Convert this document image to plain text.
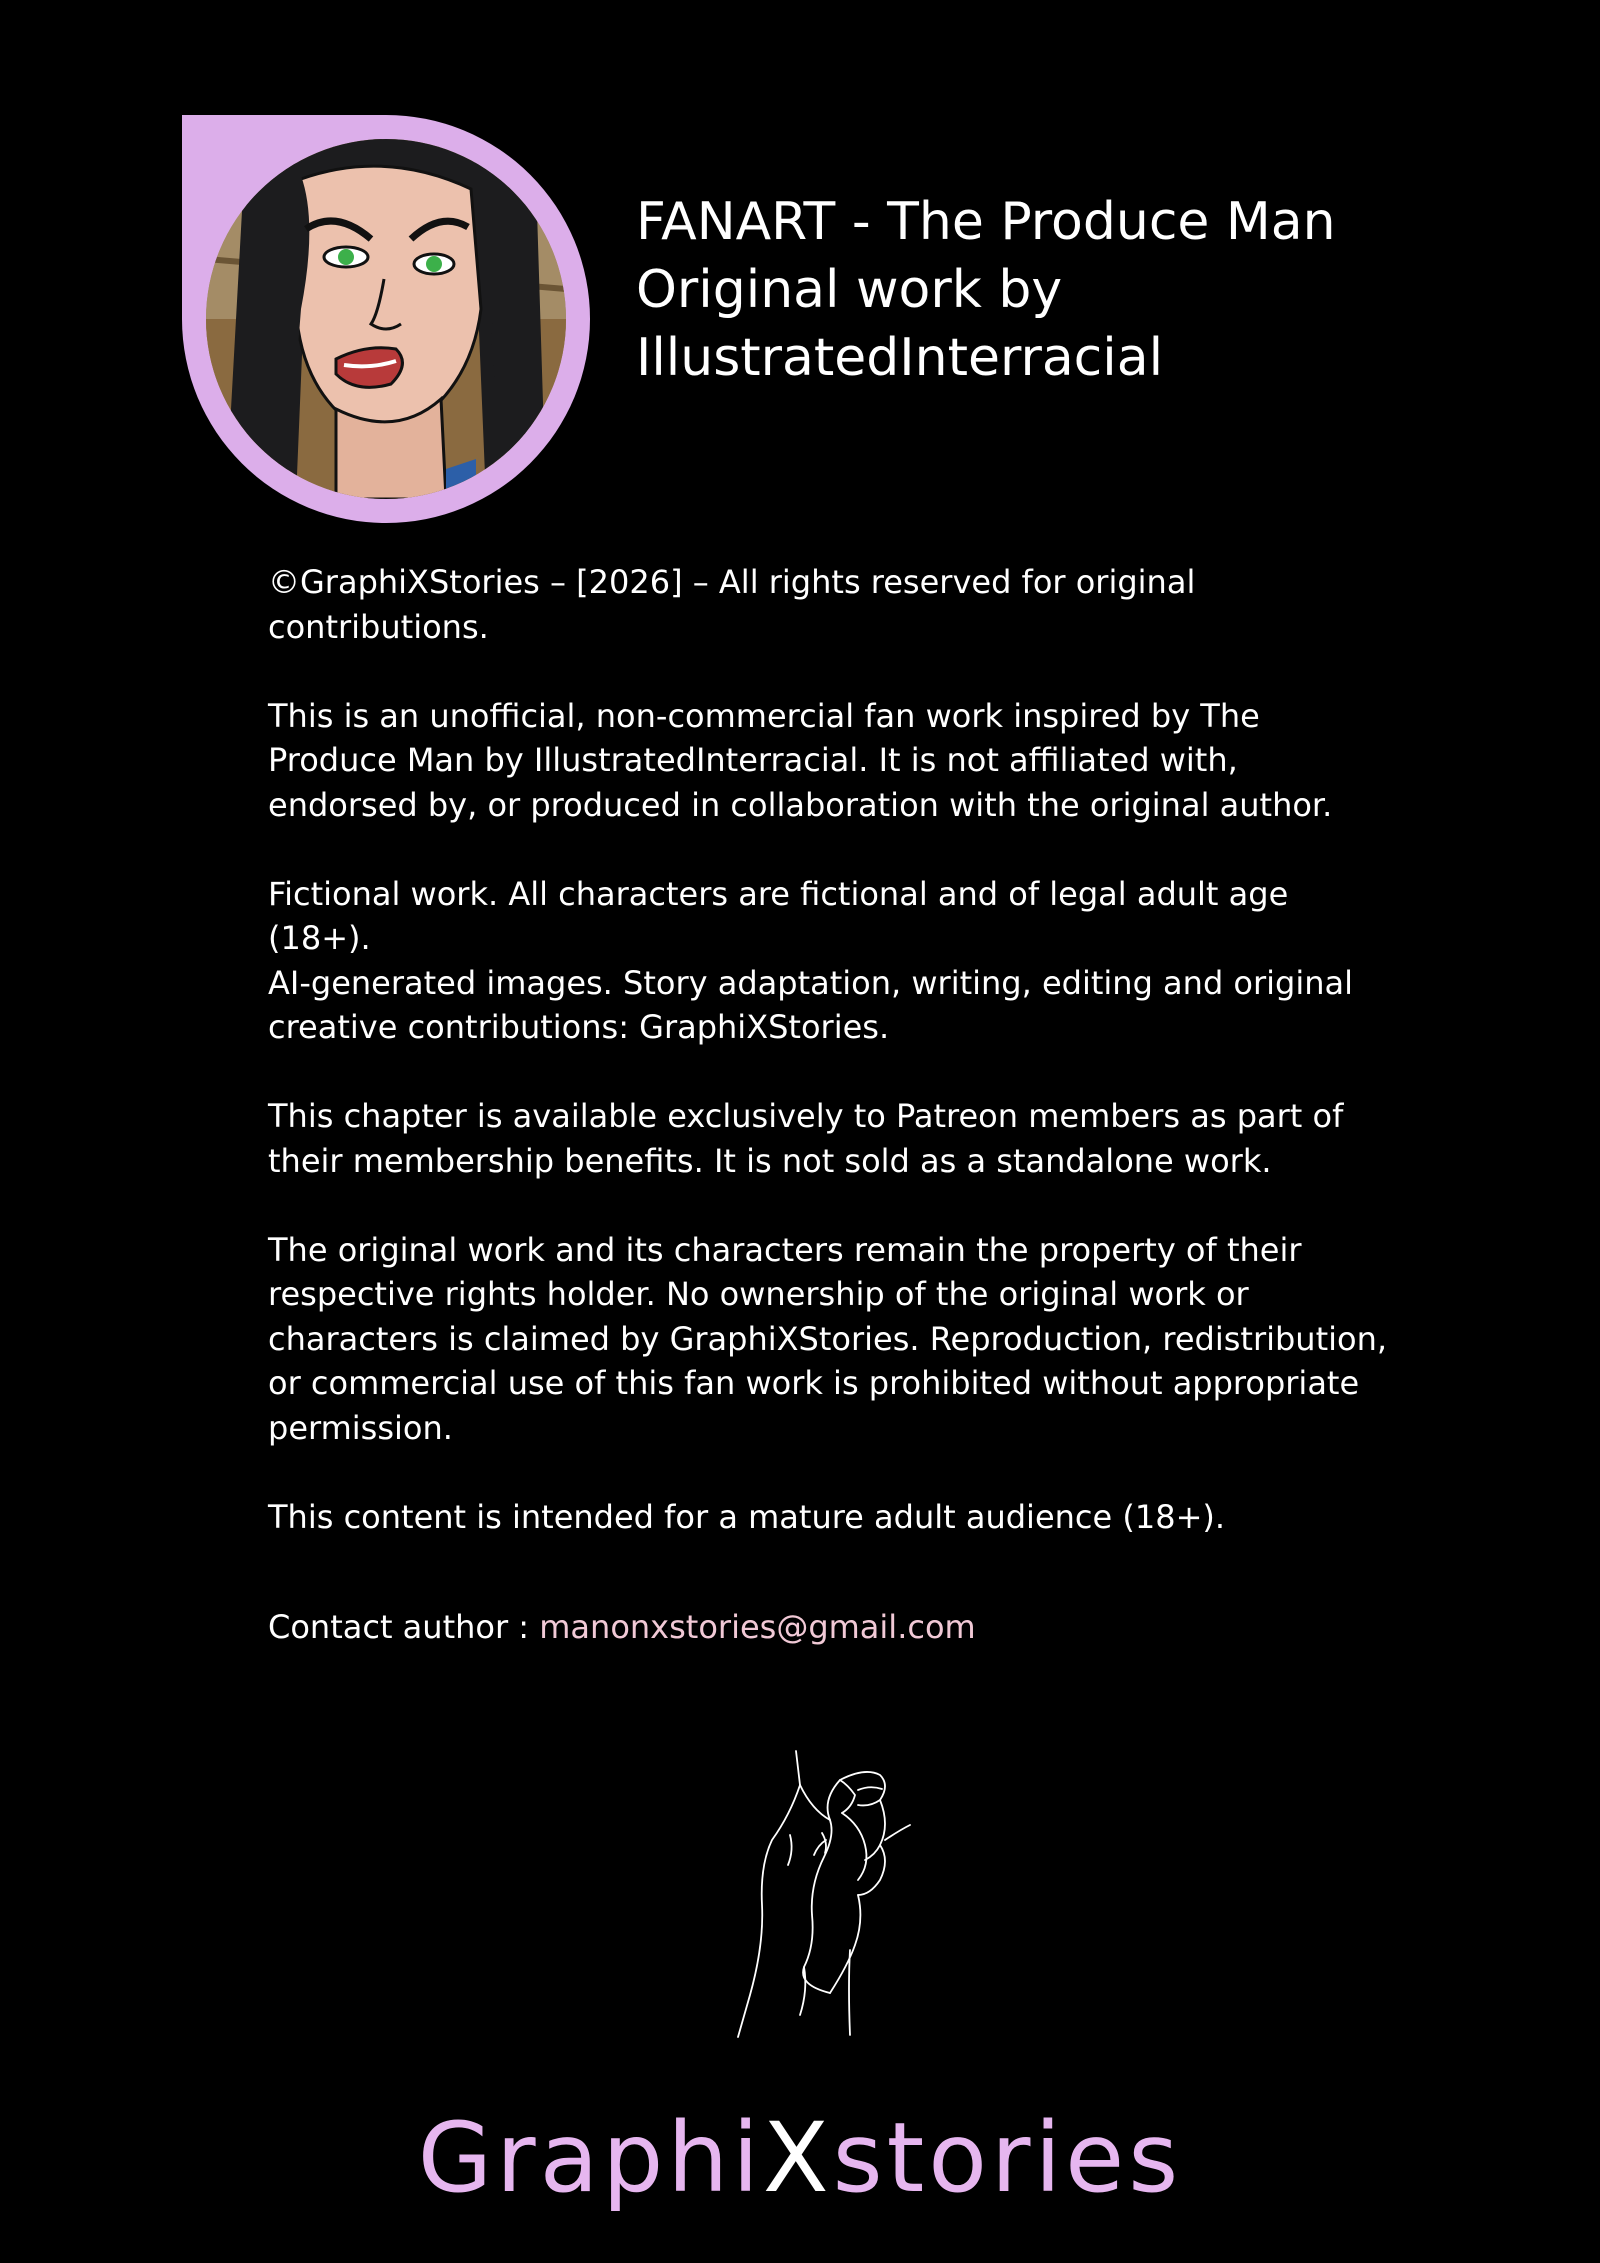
FANART - The Produce Man
Original work by
IllustratedInterracial

©GraphiXStories – [2026] – All rights reserved for original contributions.

This is an unofficial, non-commercial fan work inspired by The Produce Man by IllustratedInterracial. It is not affiliated with, endorsed by, or produced in collaboration with the original author.

Fictional work. All characters are fictional and of legal adult age (18+).

AI-generated images. Story adaptation, writing, editing and original creative contributions: GraphiXStories.

This chapter is available exclusively to Patreon members as part of their membership benefits. It is not sold as a standalone work.

The original work and its characters remain the property of their respective rights holder. No ownership of the original work or characters is claimed by GraphiXStories. Reproduction, redistribution, or commercial use of this fan work is prohibited without appropriate permission.

This content is intended for a mature adult audience (18+).

Contact author : manonxstories@gmail.com
GraphiXstories
